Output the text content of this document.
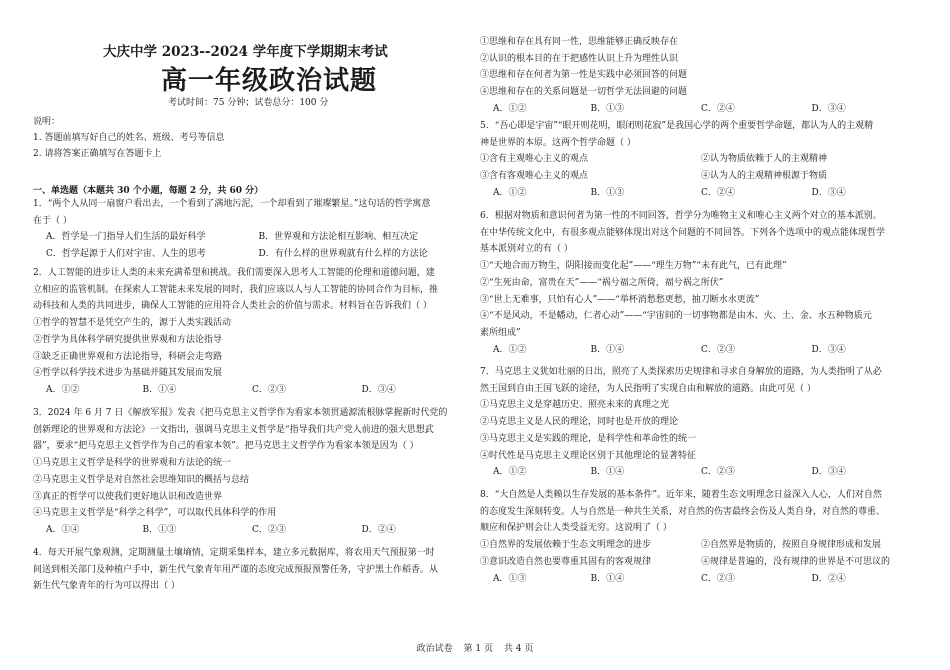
大庆中学 2023--2024 学年度下学期期末考试
高一年级政治试题
考试时间：75 分钟；试卷总分：100 分
说明：
1. 答题前填写好自己的姓名、班级、考号等信息
2. 请将答案正确填写在答题卡上
一、单选题（本题共 30 个小题，每题 2 分，共 60 分）
1．“两个人从同一扇窗户看出去，一个看到了满地污泥，一个却看到了璀璨繁星。”这句话的哲学寓意
在于（ ）
A．哲学是一门指导人们生活的最好科学	B．世界观和方法论相互影响、相互决定
C．哲学起源于人们对宇宙、人生的思考	D．有什么样的世界观就有什么样的方法论
2．人工智能的进步让人类的未来充满希望和挑战。我们需要深入思考人工智能的伦理和道德问题，建
立相应的监管机制。在探索人工智能未来发展的同时，我们应该以人与人工智能的协同合作为目标，推
动科技和人类的共同进步，确保人工智能的应用符合人类社会的价值与需求。材料旨在告诉我们（ ）
①哲学的智慧不是凭空产生的，源于人类实践活动
②哲学为具体科学研究提供世界观和方法论指导
③缺乏正确世界观和方法论指导，科研会走弯路
④哲学以科学技术进步为基础并随其发展而发展
A．①②	B．①④	C．②③	D．③④
3．2024 年 6 月 7 日《解放军报》发表《把马克思主义哲学作为看家本领贯通源流根脉掌握新时代党的
创新理论的世界观和方法论》一文指出，强调马克思主义哲学是“指导我们共产党人前进的强大思想武
器”，要求“把马克思主义哲学作为自己的看家本领”。把马克思主义哲学作为看家本领是因为（ ）
①马克思主义哲学是科学的世界观和方法论的统一
②马克思主义哲学是对自然社会思维知识的概括与总结
③真正的哲学可以使我们更好地认识和改造世界
④马克思主义哲学是“科学之科学”，可以取代具体科学的作用
A．①④	B．①③	C．②③	D．②④
4．每天开展气象观测，定期测量土壤墒情，定期采集样本，建立多元数据库，将农用天气预报第一时
间送到相关部门及种植户手中，新生代气象青年用严谨的态度完成预报预警任务，守护黑土作稻香。从
新生代气象青年的行为可以得出（ ）
①思维和存在具有同一性，思维能够正确反映存在
②认识的根本目的在于把感性认识上升为理性认识
③思维和存在何者为第一性是实践中必须回答的问题
④思维和存在的关系问题是一切哲学无法回避的问题
A．①②	B．①③	C．②④	D．③④
5．“吾心即是宇宙”“眼开则花明，眼闭则花寂”是我国心学的两个重要哲学命题，都认为人的主观精
神是世界的本原。这两个哲学命题（ ）
①含有主观唯心主义的观点	②认为物质依赖于人的主观精神
③含有客观唯心主义的观点	④认为人的主观精神根源于物质
A．①②	B．①③	C．②④	D．③④
6．根据对物质和意识何者为第一性的不同回答，哲学分为唯物主义和唯心主义两个对立的基本派别。
在中华传统文化中，有很多观点能够体现出对这个问题的不同回答。下列各个选项中的观点能体现哲学
基本派别对立的有（ ）
①“天地合而万物生，阴阳接而变化起”——“理生万物”“未有此气，已有此理”
②“生死由命，富贵在天”——“祸兮福之所倚，福兮祸之所伏”
③“世上无难事，只怕有心人”——“举杯消愁愁更愁，抽刀断水水更流”
④“不是风动，不是幡动，仁者心动”——“宇宙间的一切事物都是由木、火、土、金、水五种物质元
素所组成”
A．①②	B．①④	C．②③	D．③④
7．马克思主义犹如壮丽的日出，照亮了人类探索历史规律和寻求自身解放的道路，为人类指明了从必
然王国到自由王国飞跃的途径，为人民指明了实现自由和解放的道路。由此可见（ ）
①马克思主义是穿越历史、照亮未来的真理之光
②马克思主义是人民的理论，同时也是开放的理论
③马克思主义是实践的理论，是科学性和革命性的统一
④时代性是马克思主义理论区别于其他理论的显著特征
A．①②	B．①④	C．②③	D．③④
8．“大自然是人类赖以生存发展的基本条件”。近年来，随着生态文明理念日益深入人心，人们对自然
的态度发生深刻转变。人与自然是一种共生关系，对自然的伤害最终会伤及人类自身，对自然的尊重、
顺应和保护则会让人类受益无穷。这说明了（ ）
①自然界的发展依赖于生态文明理念的进步	②自然界是物质的，按照自身规律形成和发展
③意识改造自然也要尊重其固有的客观规律	④规律是普遍的，没有规律的世界是不可思议的
A．①③	B．①④	C．②③	D．②④
政治试卷 第 1 页 共 4 页
